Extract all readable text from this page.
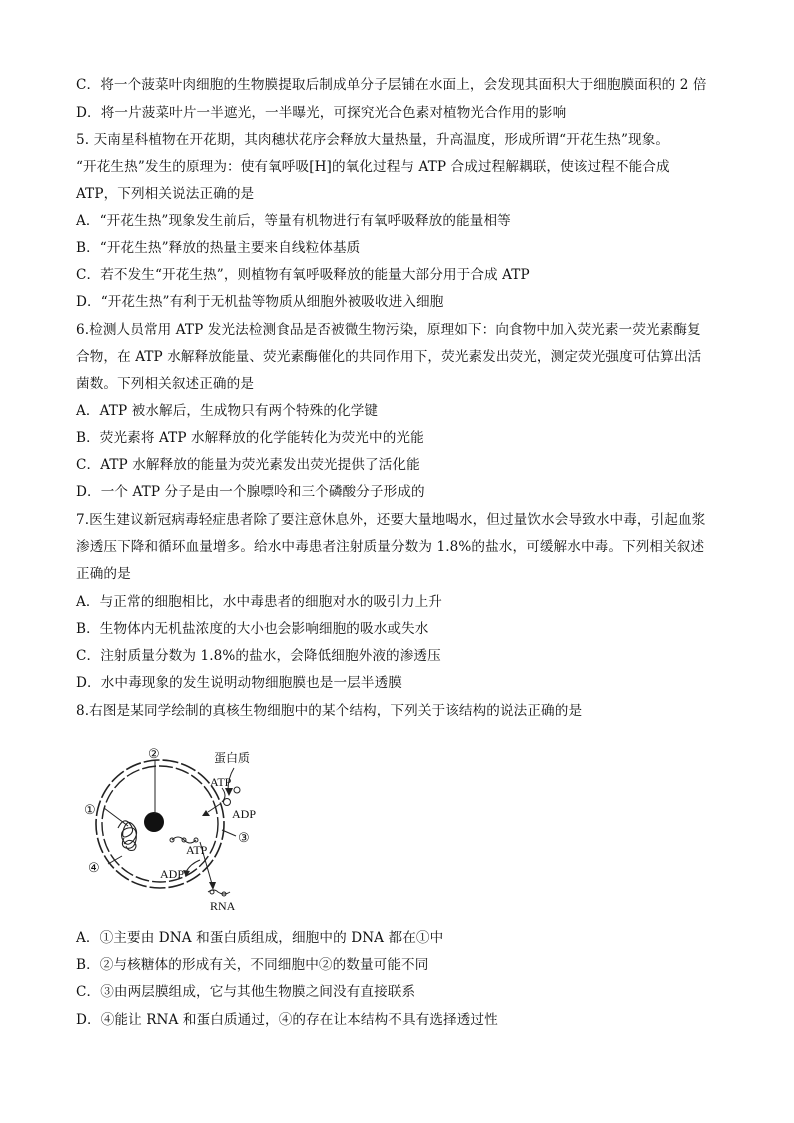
C．将一个菠菜叶肉细胞的生物膜提取后制成单分子层铺在水面上，会发现其面积大于细胞膜面积的 2 倍
D．将一片菠菜叶片一半遮光，一半曝光，可探究光合色素对植物光合作用的影响
5. 天南星科植物在开花期，其肉穗状花序会释放大量热量，升高温度，形成所谓“开花生热”现象。
“开花生热”发生的原理为：使有氧呼吸[H]的氧化过程与 ATP 合成过程解耦联，使该过程不能合成
ATP，下列相关说法正确的是
A．“开花生热”现象发生前后，等量有机物进行有氧呼吸释放的能量相等
B．“开花生热”释放的热量主要来自线粒体基质
C．若不发生“开花生热”，则植物有氧呼吸释放的能量大部分用于合成 ATP
D．“开花生热”有利于无机盐等物质从细胞外被吸收进入细胞
6.检测人员常用 ATP 发光法检测食品是否被微生物污染，原理如下：向食物中加入荧光素一荧光素酶复
合物，在 ATP 水解释放能量、荧光素酶催化的共同作用下，荧光素发出荧光，测定荧光强度可估算出活
菌数。下列相关叙述正确的是
A．ATP 被水解后，生成物只有两个特殊的化学键
B．荧光素将 ATP 水解释放的化学能转化为荧光中的光能
C．ATP 水解释放的能量为荧光素发出荧光提供了活化能
D．一个 ATP 分子是由一个腺嘌呤和三个磷酸分子形成的
7.医生建议新冠病毒轻症患者除了要注意休息外，还要大量地喝水，但过量饮水会导致水中毒，引起血浆
渗透压下降和循环血量增多。给水中毒患者注射质量分数为 1.8%的盐水，可缓解水中毒。下列相关叙述
正确的是
A．与正常的细胞相比，水中毒患者的细胞对水的吸引力上升
B．生物体内无机盐浓度的大小也会影响细胞的吸水或失水
C．注射质量分数为 1.8%的盐水，会降低细胞外液的渗透压
D．水中毒现象的发生说明动物细胞膜也是一层半透膜
8.右图是某同学绘制的真核生物细胞中的某个结构，下列关于该结构的说法正确的是
蛋白质
ATP
ADP
ATP
ADP
RNA
②
①
④
③
A．①主要由 DNA 和蛋白质组成，细胞中的 DNA 都在①中
B．②与核糖体的形成有关，不同细胞中②的数量可能不同
C．③由两层膜组成，它与其他生物膜之间没有直接联系
D．④能让 RNA 和蛋白质通过，④的存在让本结构不具有选择透过性
